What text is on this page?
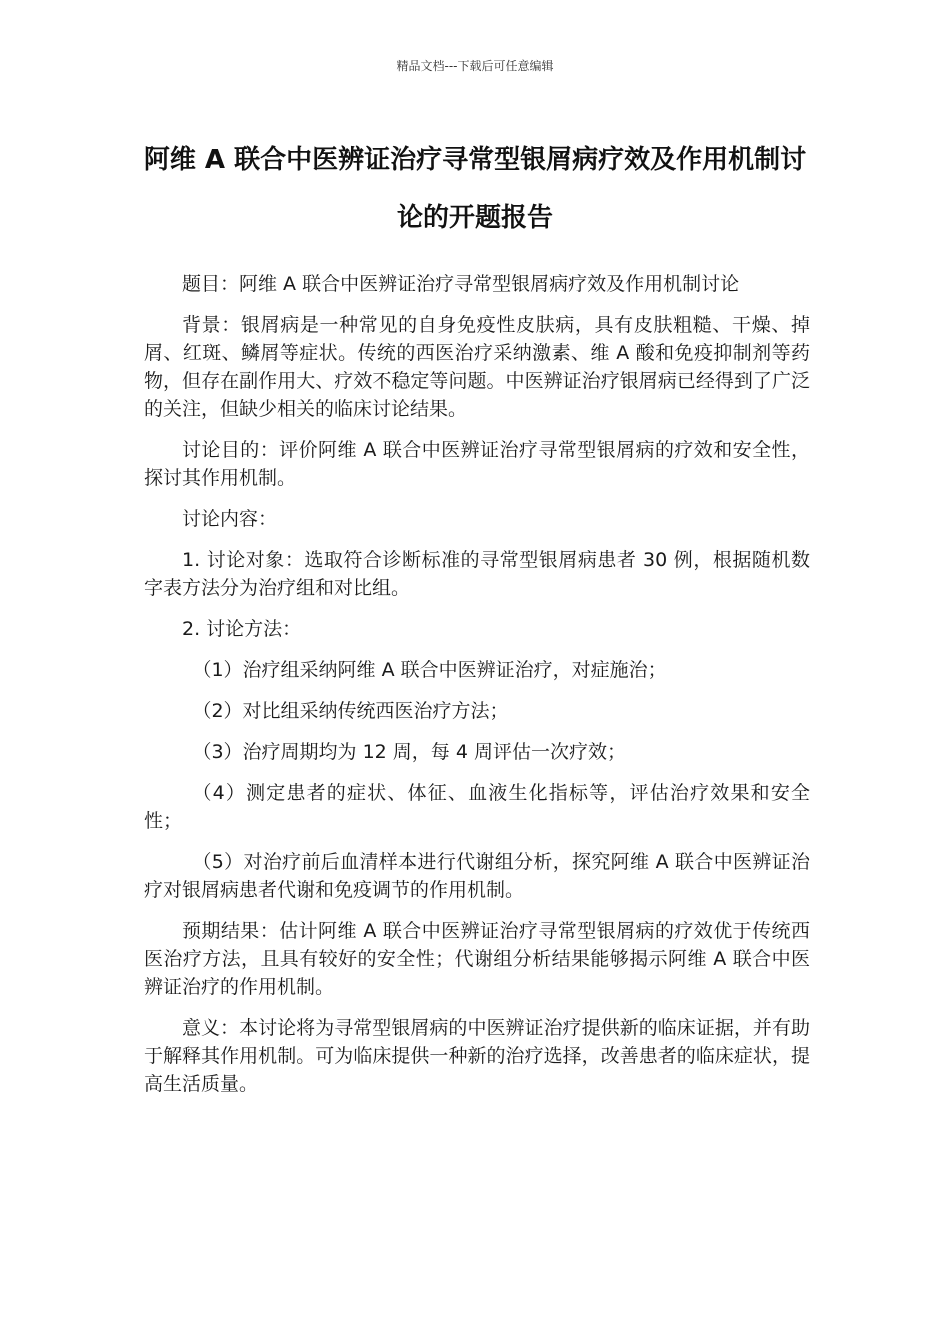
精品文档---下载后可任意编辑
阿维 A 联合中医辨证治疗寻常型银屑病疗效及作用机制讨论的开题报告

题目：阿维 A 联合中医辨证治疗寻常型银屑病疗效及作用机制讨论

背景：银屑病是一种常见的自身免疫性皮肤病，具有皮肤粗糙、干燥、掉屑、红斑、鳞屑等症状。传统的西医治疗采纳激素、维 A 酸和免疫抑制剂等药物，但存在副作用大、疗效不稳定等问题。中医辨证治疗银屑病已经得到了广泛的关注，但缺少相关的临床讨论结果。

讨论目的：评价阿维 A 联合中医辨证治疗寻常型银屑病的疗效和安全性，探讨其作用机制。

讨论内容：

1. 讨论对象：选取符合诊断标准的寻常型银屑病患者 30 例，根据随机数字表方法分为治疗组和对比组。

2. 讨论方法：

（1）治疗组采纳阿维 A 联合中医辨证治疗，对症施治；

（2）对比组采纳传统西医治疗方法；

（3）治疗周期均为 12 周，每 4 周评估一次疗效；

（4）测定患者的症状、体征、血液生化指标等，评估治疗效果和安全性；

（5）对治疗前后血清样本进行代谢组分析，探究阿维 A 联合中医辨证治疗对银屑病患者代谢和免疫调节的作用机制。

预期结果：估计阿维 A 联合中医辨证治疗寻常型银屑病的疗效优于传统西医治疗方法，且具有较好的安全性；代谢组分析结果能够揭示阿维 A 联合中医辨证治疗的作用机制。

意义：本讨论将为寻常型银屑病的中医辨证治疗提供新的临床证据，并有助于解释其作用机制。可为临床提供一种新的治疗选择，改善患者的临床症状，提高生活质量。
